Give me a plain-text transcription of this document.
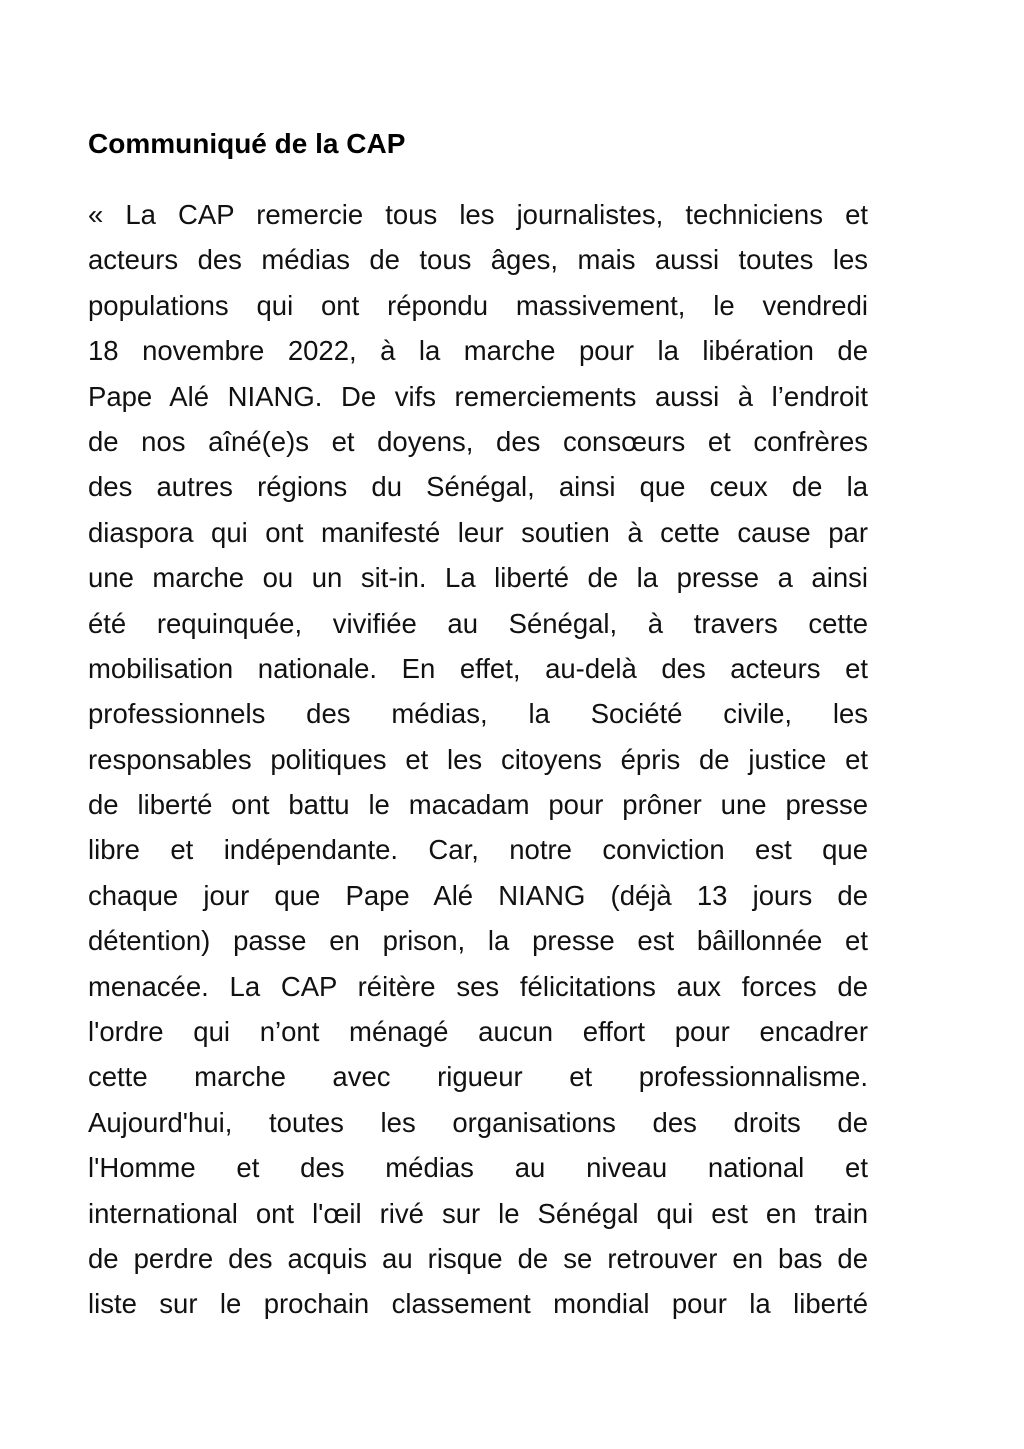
Communiqué de la CAP
« La CAP remercie tous les journalistes, techniciens et
acteurs des médias de tous âges, mais aussi toutes les
populations qui ont répondu massivement, le vendredi
18 novembre 2022, à la marche pour la libération de
Pape Alé NIANG. De vifs remerciements aussi à l’endroit
de nos aîné(e)s et doyens, des consœurs et confrères
des autres régions du Sénégal, ainsi que ceux de la
diaspora qui ont manifesté leur soutien à cette cause par
une marche ou un sit-in. La liberté de la presse a ainsi
été requinquée, vivifiée au Sénégal, à travers cette
mobilisation nationale. En effet, au-delà des acteurs et
professionnels des médias, la Société civile, les
responsables politiques et les citoyens épris de justice et
de liberté ont battu le macadam pour prôner une presse
libre et indépendante. Car, notre conviction est que
chaque jour que Pape Alé NIANG (déjà 13 jours de
détention) passe en prison, la presse est bâillonnée et
menacée. La CAP réitère ses félicitations aux forces de
l'ordre qui n’ont ménagé aucun effort pour encadrer
cette marche avec rigueur et professionnalisme.
Aujourd'hui, toutes les organisations des droits de
l'Homme et des médias au niveau national et
international ont l'œil rivé sur le Sénégal qui est en train
de perdre des acquis au risque de se retrouver en bas de
liste sur le prochain classement mondial pour la liberté
